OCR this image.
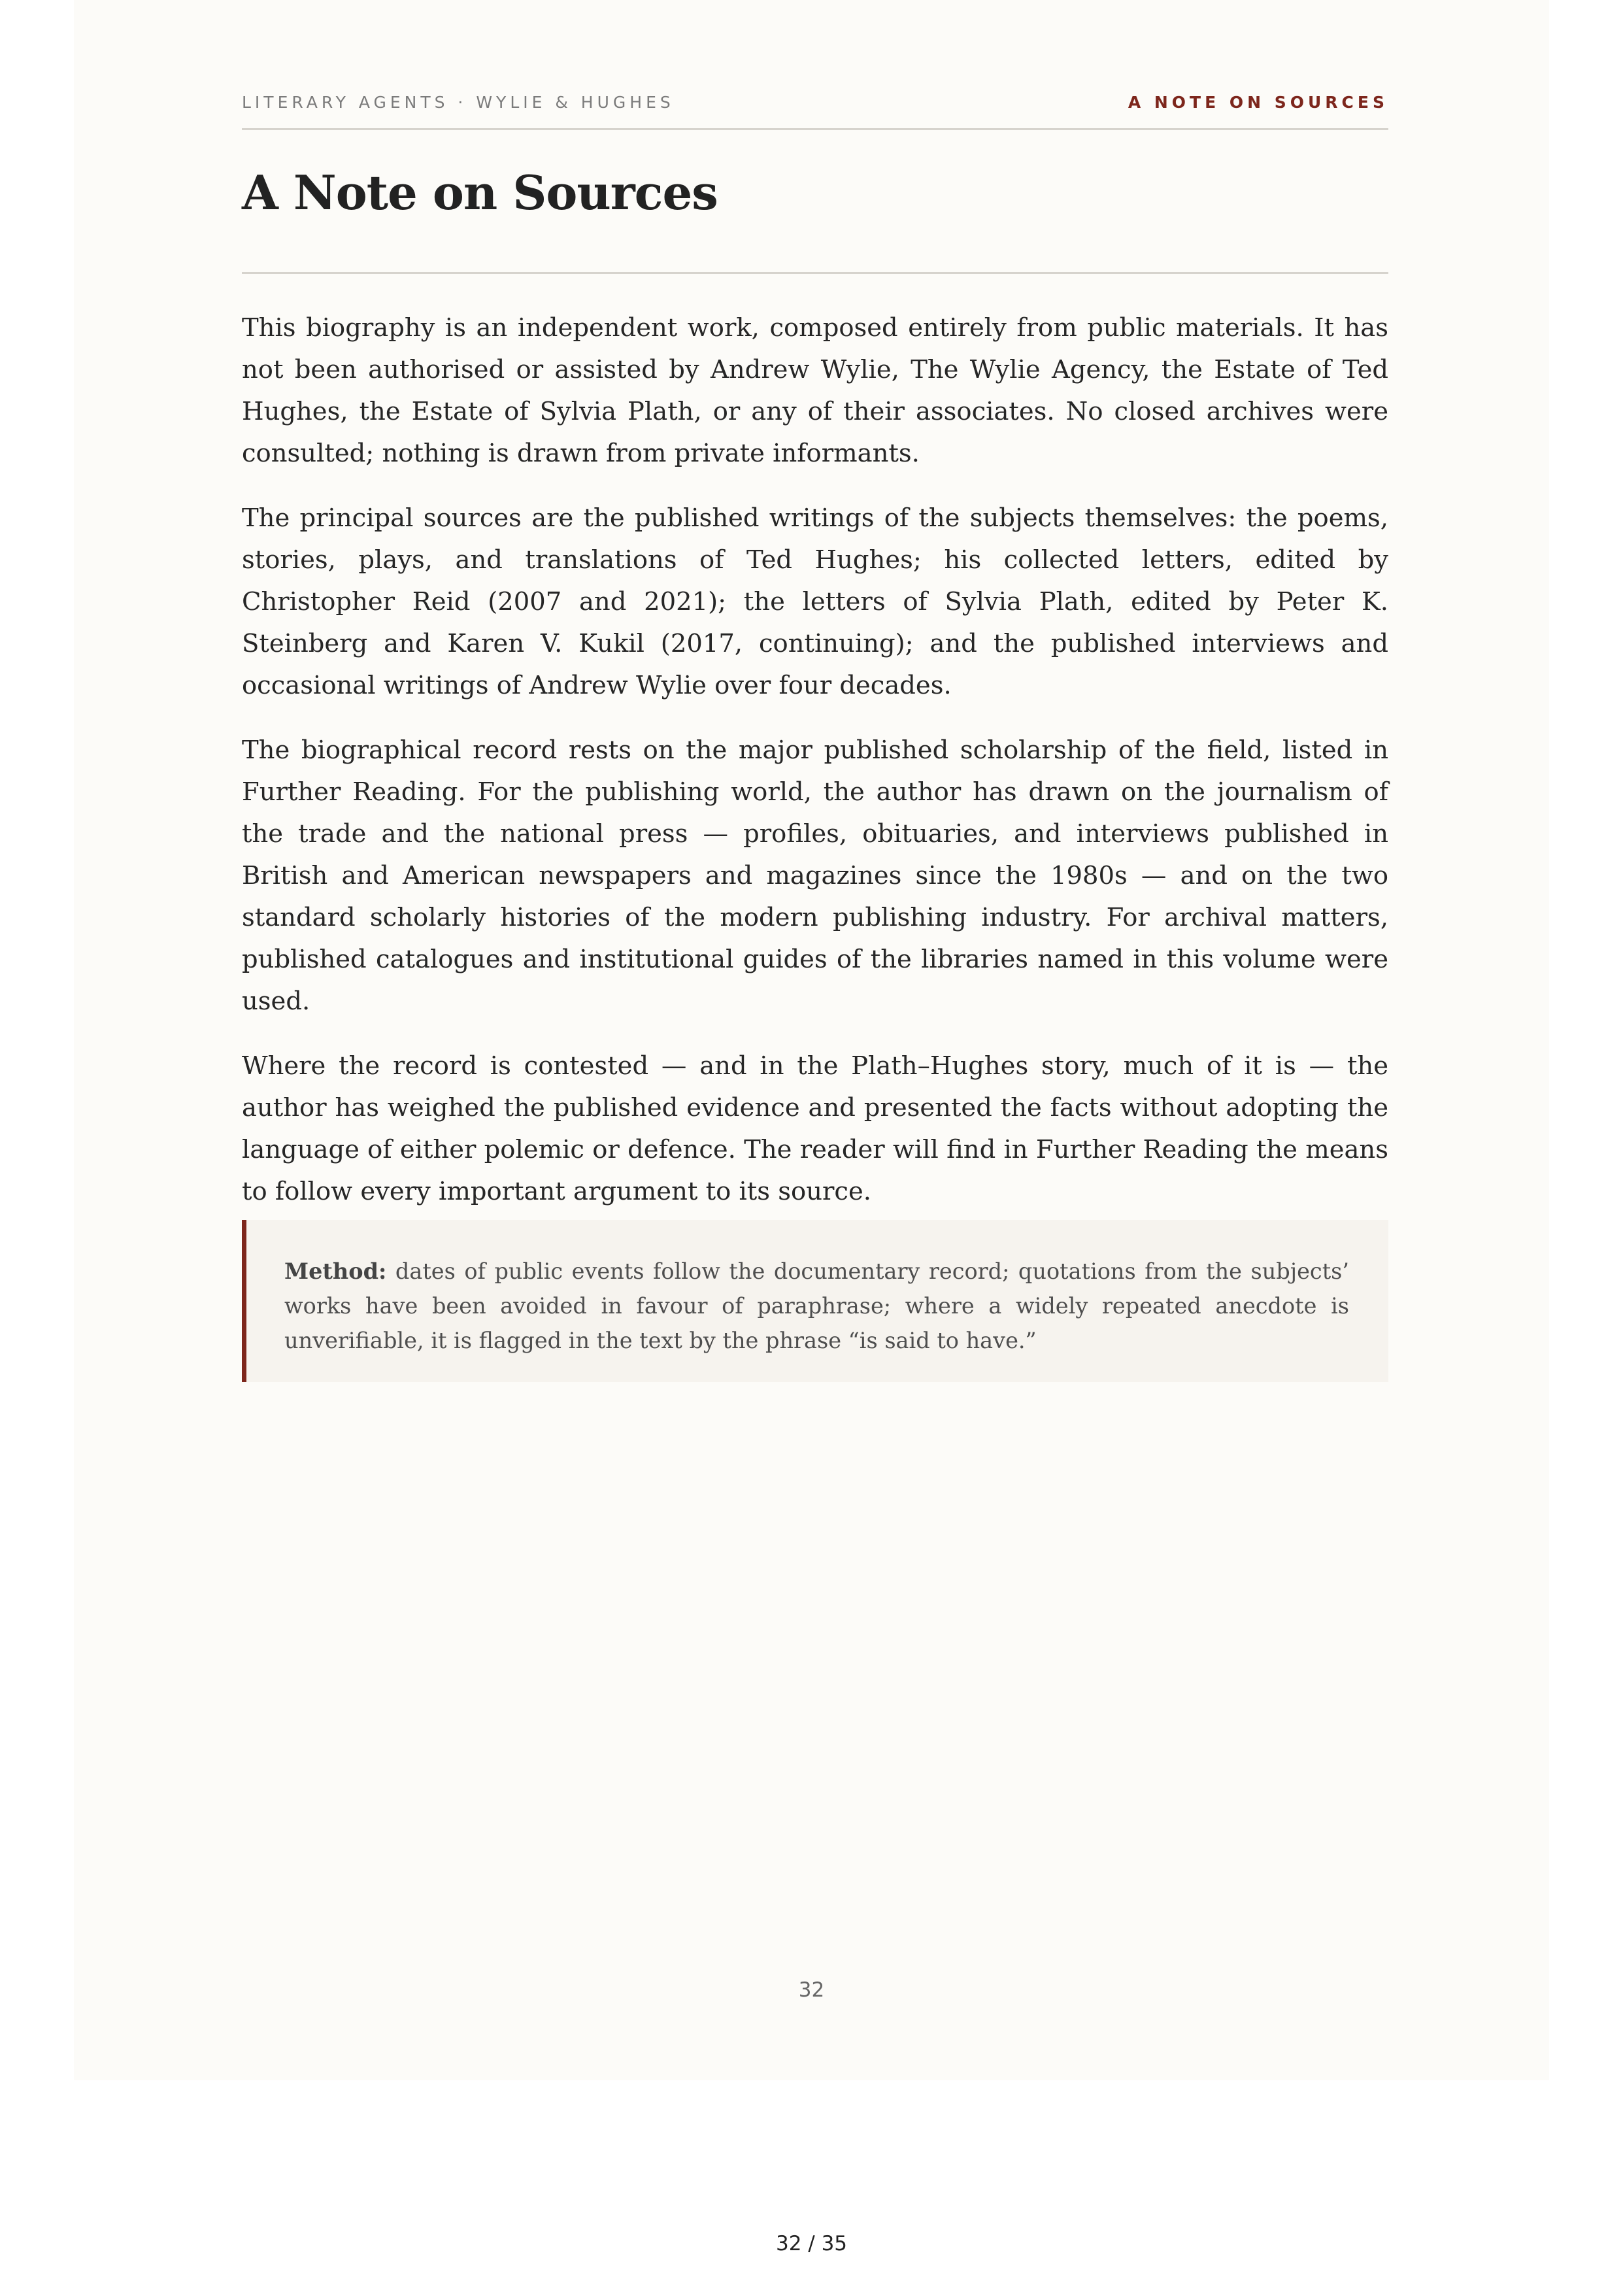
LITERARY AGENTS · WYLIE & HUGHES	A NOTE ON SOURCES
A Note on Sources

This biography is an independent work, composed entirely from public materials. It has not been authorised or assisted by Andrew Wylie, The Wylie Agency, the Estate of Ted Hughes, the Estate of Sylvia Plath, or any of their associates. No closed archives were consulted; nothing is drawn from private informants.

The principal sources are the published writings of the subjects themselves: the poems, stories, plays, and translations of Ted Hughes; his collected letters, edited by Christopher Reid (2007 and 2021); the letters of Sylvia Plath, edited by Peter K. Steinberg and Karen V. Kukil (2017, continuing); and the published interviews and occasional writings of Andrew Wylie over four decades.

The biographical record rests on the major published scholarship of the field, listed in Further Reading. For the publishing world, the author has drawn on the journalism of the trade and the national press — profiles, obituaries, and interviews published in British and American newspapers and magazines since the 1980s — and on the two standard scholarly histories of the modern publishing industry. For archival matters, published catalogues and institutional guides of the libraries named in this volume were used.

Where the record is contested — and in the Plath–Hughes story, much of it is — the author has weighed the published evidence and presented the facts without adopting the language of either polemic or defence. The reader will find in Further Reading the means to follow every important argument to its source.

Method: dates of public events follow the documentary record; quotations from the subjects’ works have been avoided in favour of paraphrase; where a widely repeated anecdote is unverifiable, it is flagged in the text by the phrase “is said to have.”
32
32 / 35
